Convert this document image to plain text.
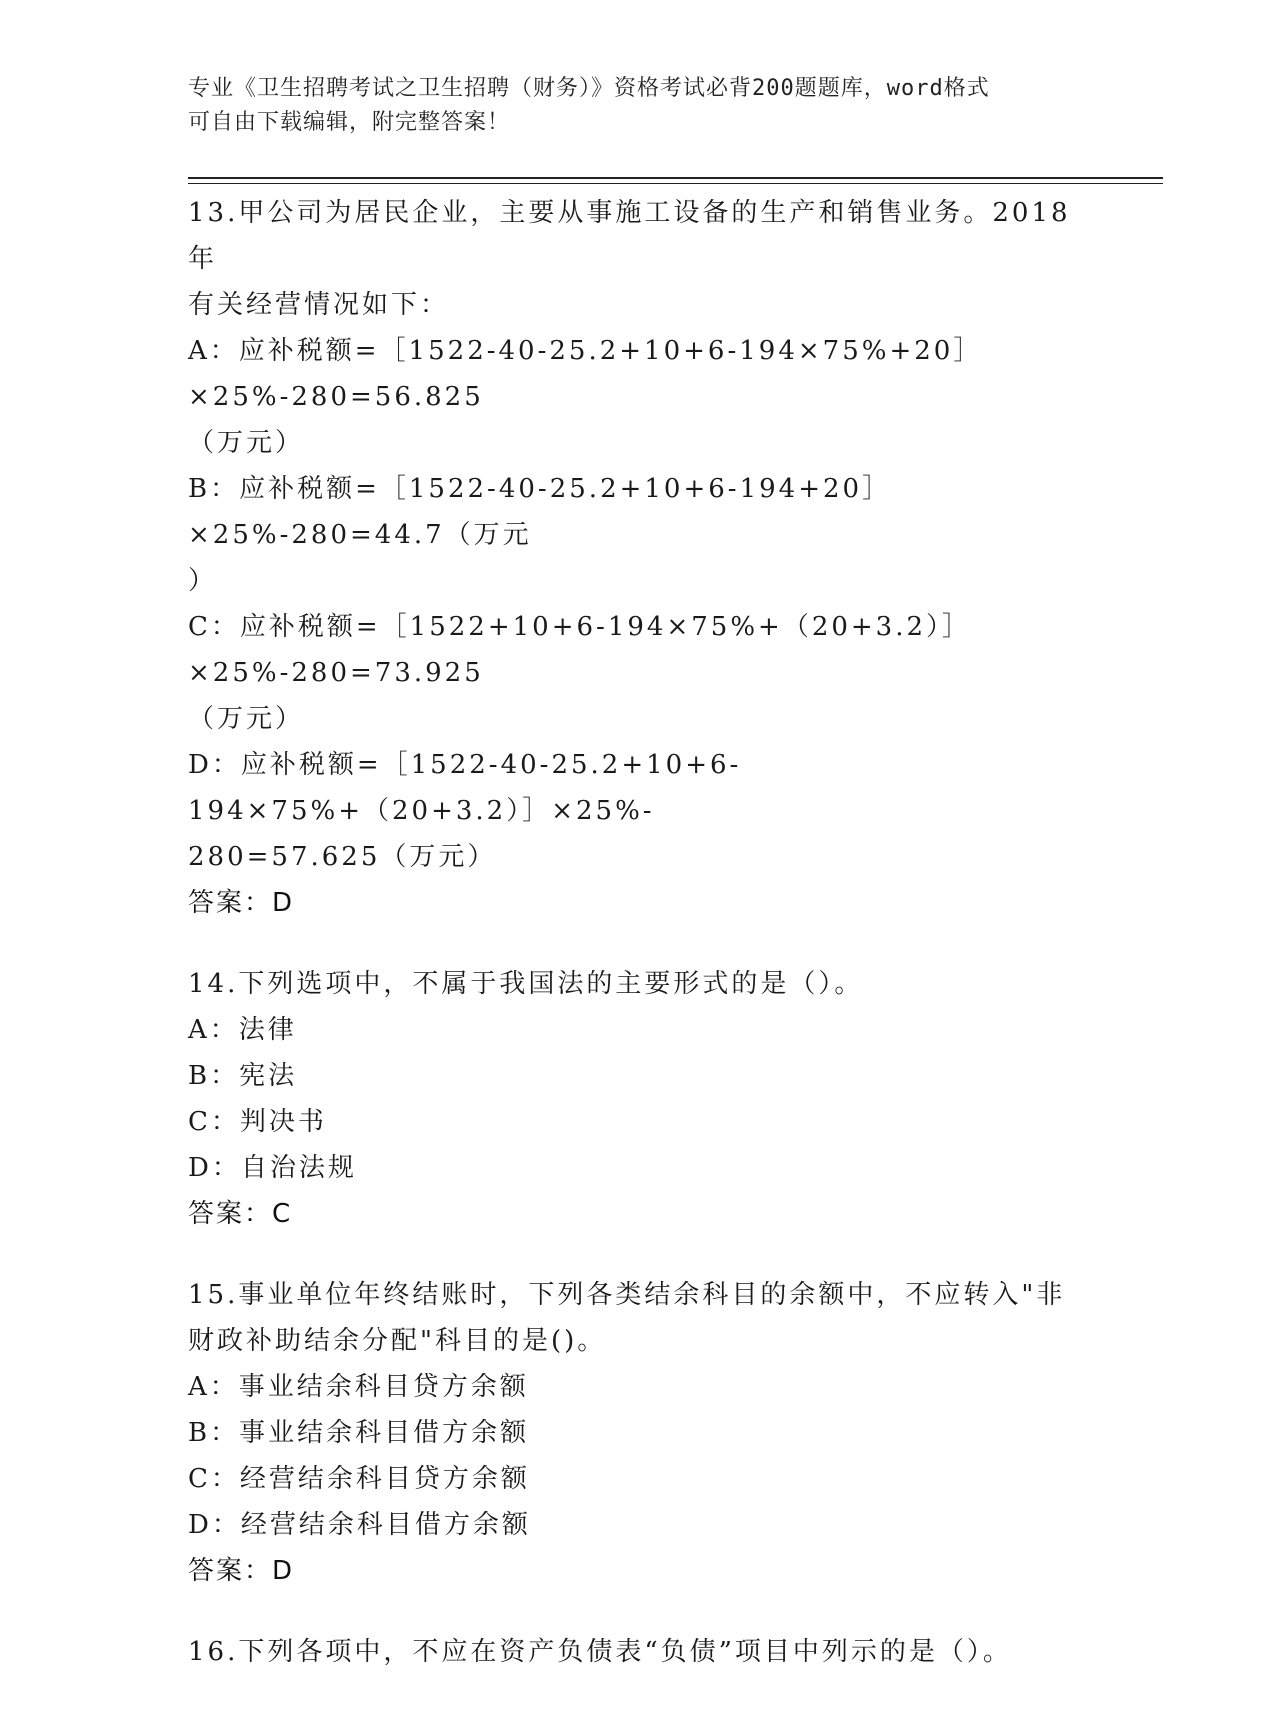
专业《卫生招聘考试之卫生招聘（财务）》资格考试必背200题题库，word格式
可自由下载编辑，附完整答案！
13.甲公司为居民企业，主要从事施工设备的生产和销售业务。2018年
有关经营情况如下：
A：应补税额=［1522-40-25.2+10+6-194×75%+20］×25%-280=56.825
（万元）
B：应补税额=［1522-40-25.2+10+6-194+20］×25%-280=44.7（万元
）
C：应补税额=［1522+10+6-194×75%+（20+3.2）］×25%-280=73.925
（万元）
D：应补税额=［1522-40-25.2+10+6-194×75%+（20+3.2）］×25%-
280=57.625（万元）
答案：D
14.下列选项中，不属于我国法的主要形式的是（）。
A：法律
B：宪法
C：判决书
D：自治法规
答案：C
15.事业单位年终结账时，下列各类结余科目的余额中，不应转入"非
财政补助结余分配"科目的是()。
A：事业结余科目贷方余额
B：事业结余科目借方余额
C：经营结余科目贷方余额
D：经营结余科目借方余额
答案：D
16.下列各项中，不应在资产负债表“负债”项目中列示的是（）。
